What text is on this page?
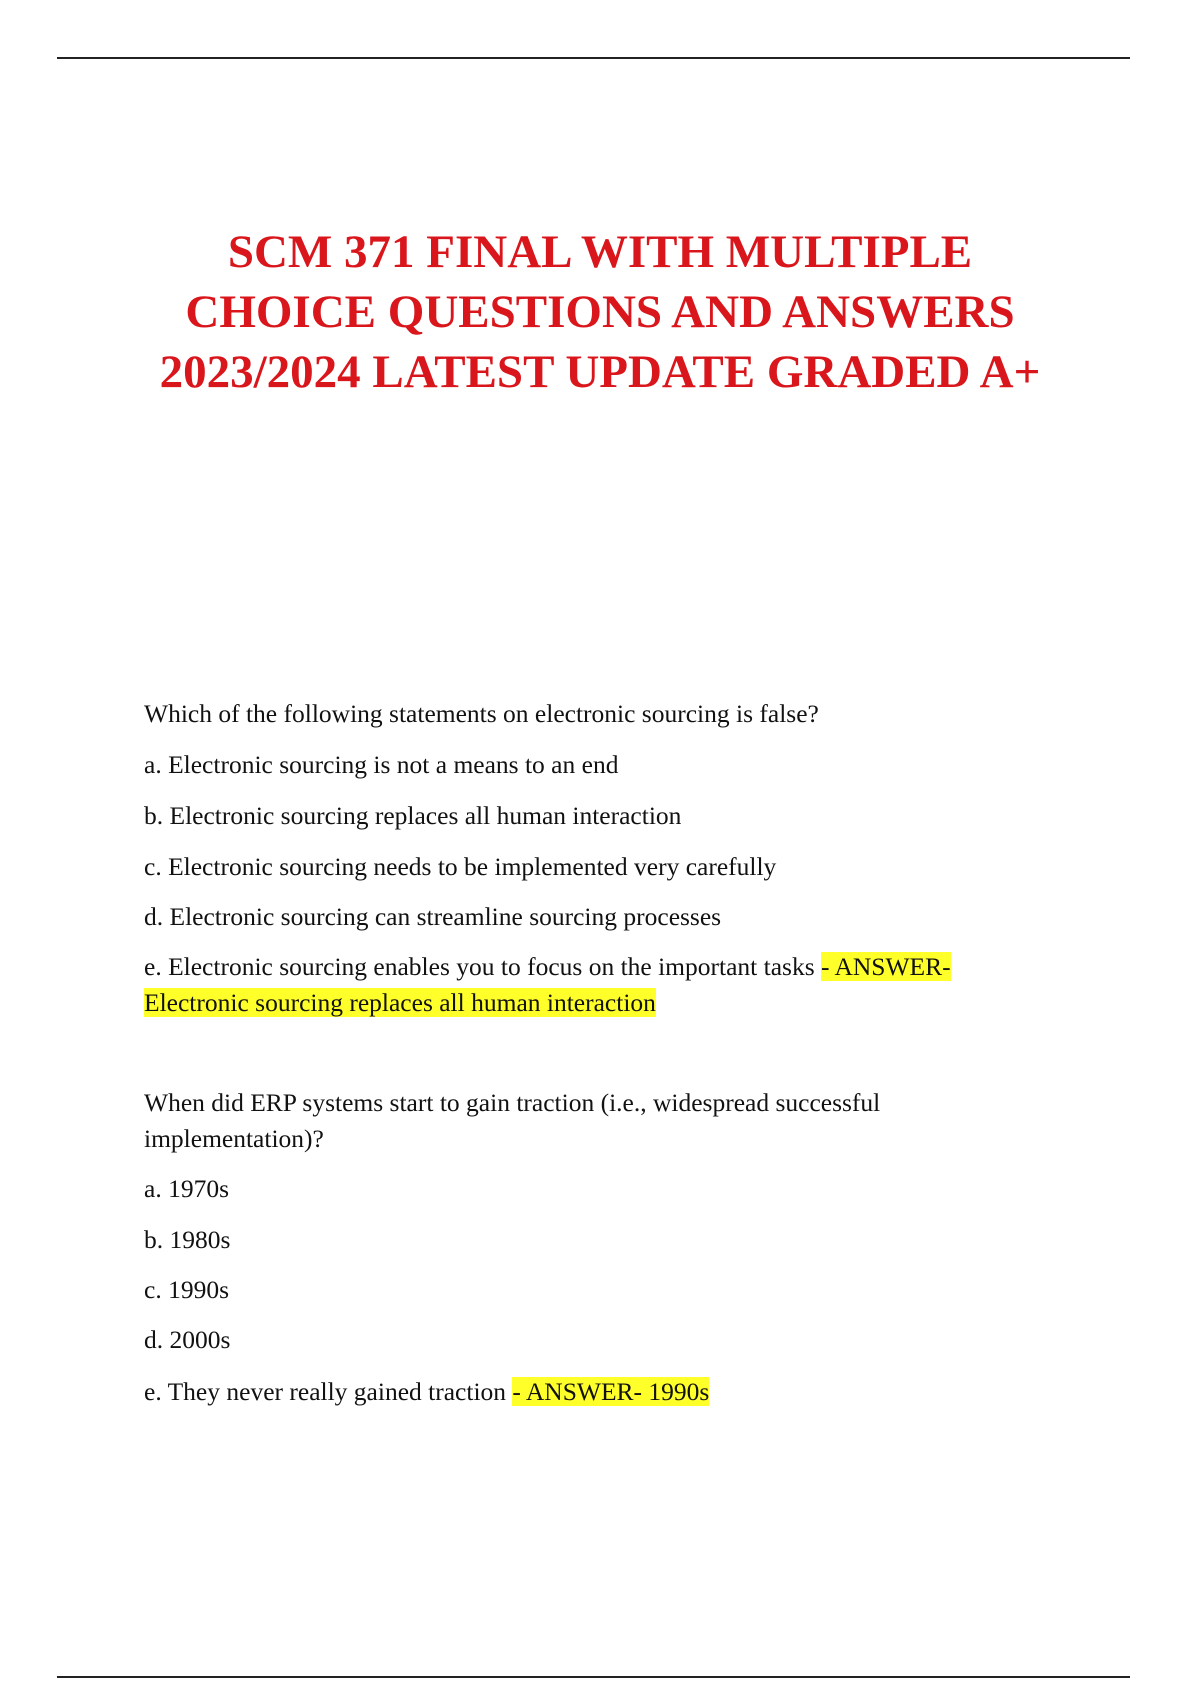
SCM 371 FINAL WITH MULTIPLE
CHOICE QUESTIONS AND ANSWERS
2023/2024 LATEST UPDATE GRADED A+
Which of the following statements on electronic sourcing is false?
a. Electronic sourcing is not a means to an end
b. Electronic sourcing replaces all human interaction
c. Electronic sourcing needs to be implemented very carefully
d. Electronic sourcing can streamline sourcing processes
e. Electronic sourcing enables you to focus on the important tasks - ANSWER-
Electronic sourcing replaces all human interaction
When did ERP systems start to gain traction (i.e., widespread successful
implementation)?
a. 1970s
b. 1980s
c. 1990s
d. 2000s
e. They never really gained traction - ANSWER- 1990s
